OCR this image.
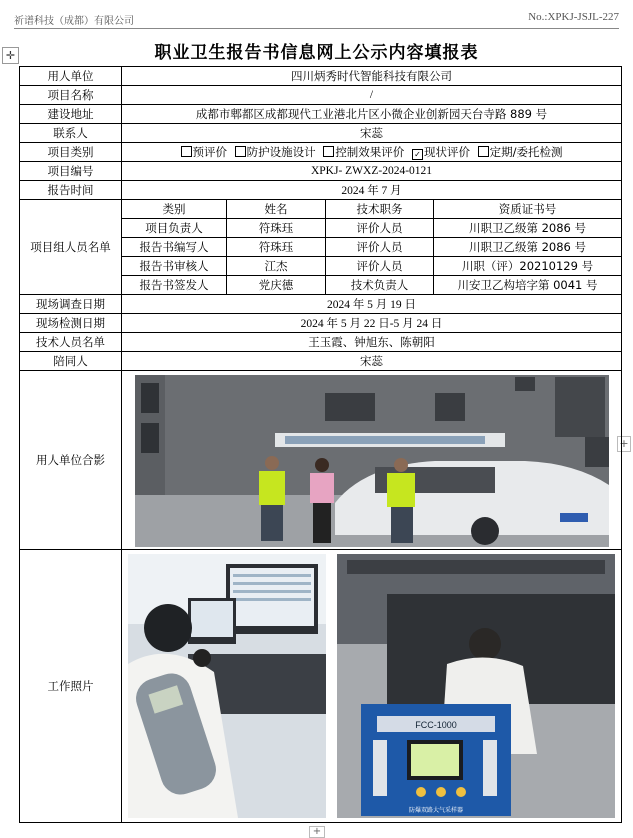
祈谱科技（成都）有限公司	No.:XPKJ-JSJL-227
✛
+
+
职业卫生报告书信息网上公示内容填报表
用人单位	四川炳秀时代智能科技有限公司			
项目名称	/			
建设地址	成都市郫都区成都现代工业港北片区小微企业创新园天台寺路 889 号			
联系人	宋蕊			
项目类别	预评价 防护设施设计 控制效果评价 ✓ 现状评价 定期/委托检测			
项目编号	XPKJ- ZWXZ-2024-0121			
报告时间	2024 年 7 月			
项目组人员名单	类别	姓名	技术职务	资质证书号
	项目负责人	符珠珏	评价人员	川职卫乙级第 2086 号
	报告书编写人	符珠珏	评价人员	川职卫乙级第 2086 号
	报告书审核人	江杰	评价人员	川职（评）20210129 号
	报告书签发人	党庆德	技术负责人	川安卫乙构培字第 0041 号
现场调查日期	2024 年 5 月 19 日			
现场检测日期	2024 年 5 月 22 日-5 月 24 日			
技术人员名单	王玉霞、钟旭东、陈朝阳			
陪同人	宋蕊			
用人单位合影	

工作照片	FCC-1000
防爆双路大气采样器			
